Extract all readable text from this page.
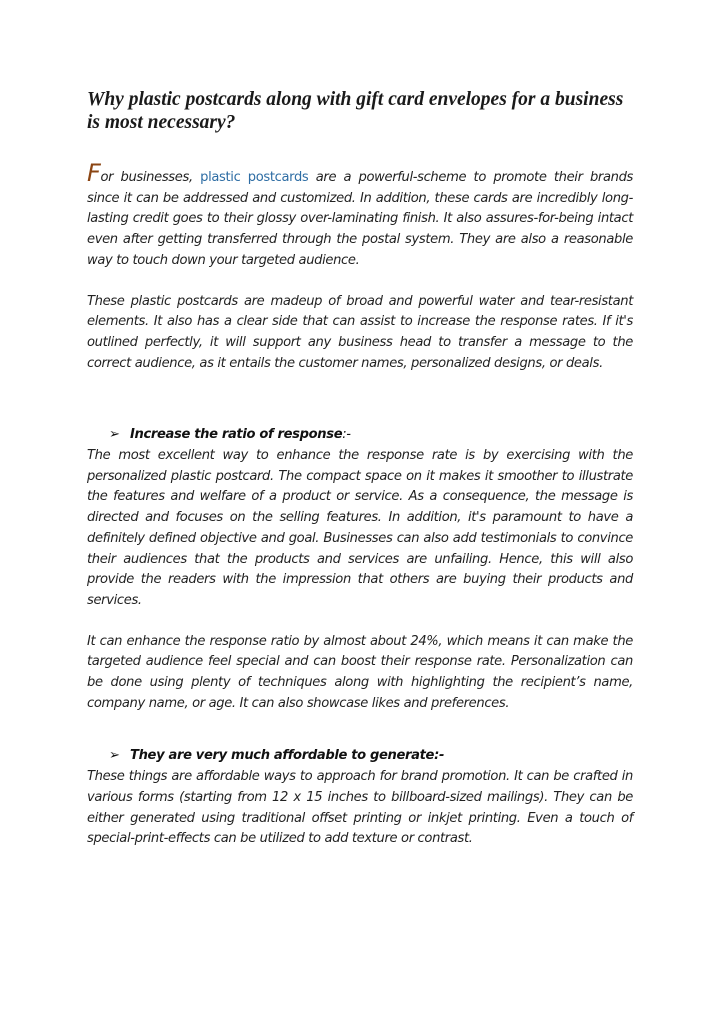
Why plastic postcards along with gift card envelopes for a business is most necessary?

For businesses, plastic postcards are a powerful-scheme to promote their brands since it can be addressed and customized. In addition, these cards are incredibly long-lasting credit goes to their glossy over-laminating finish. It also assures-for-being intact even after getting transferred through the postal system. They are also a reasonable way to touch down your targeted audience.

These plastic postcards are madeup of broad and powerful water and tear-resistant elements. It also has a clear side that can assist to increase the response rates. If it's outlined perfectly, it will support any business head to transfer a message to the correct audience, as it entails the customer names, personalized designs, or deals.

➢ Increase the ratio of response:-

The most excellent way to enhance the response rate is by exercising with the personalized plastic postcard. The compact space on it makes it smoother to illustrate the features and welfare of a product or service. As a consequence, the message is directed and focuses on the selling features. In addition, it's paramount to have a definitely defined objective and goal. Businesses can also add testimonials to convince their audiences that the products and services are unfailing. Hence, this will also provide the readers with the impression that others are buying their products and services.

It can enhance the response ratio by almost about 24%, which means it can make the targeted audience feel special and can boost their response rate. Personalization can be done using plenty of techniques along with highlighting the recipient’s name, company name, or age. It can also showcase likes and preferences.

➢ They are very much affordable to generate:-

These things are affordable ways to approach for brand promotion. It can be crafted in various forms (starting from 12 x 15 inches to billboard-sized mailings). They can be either generated using traditional offset printing or inkjet printing. Even a touch of special-print-effects can be utilized to add texture or contrast.
